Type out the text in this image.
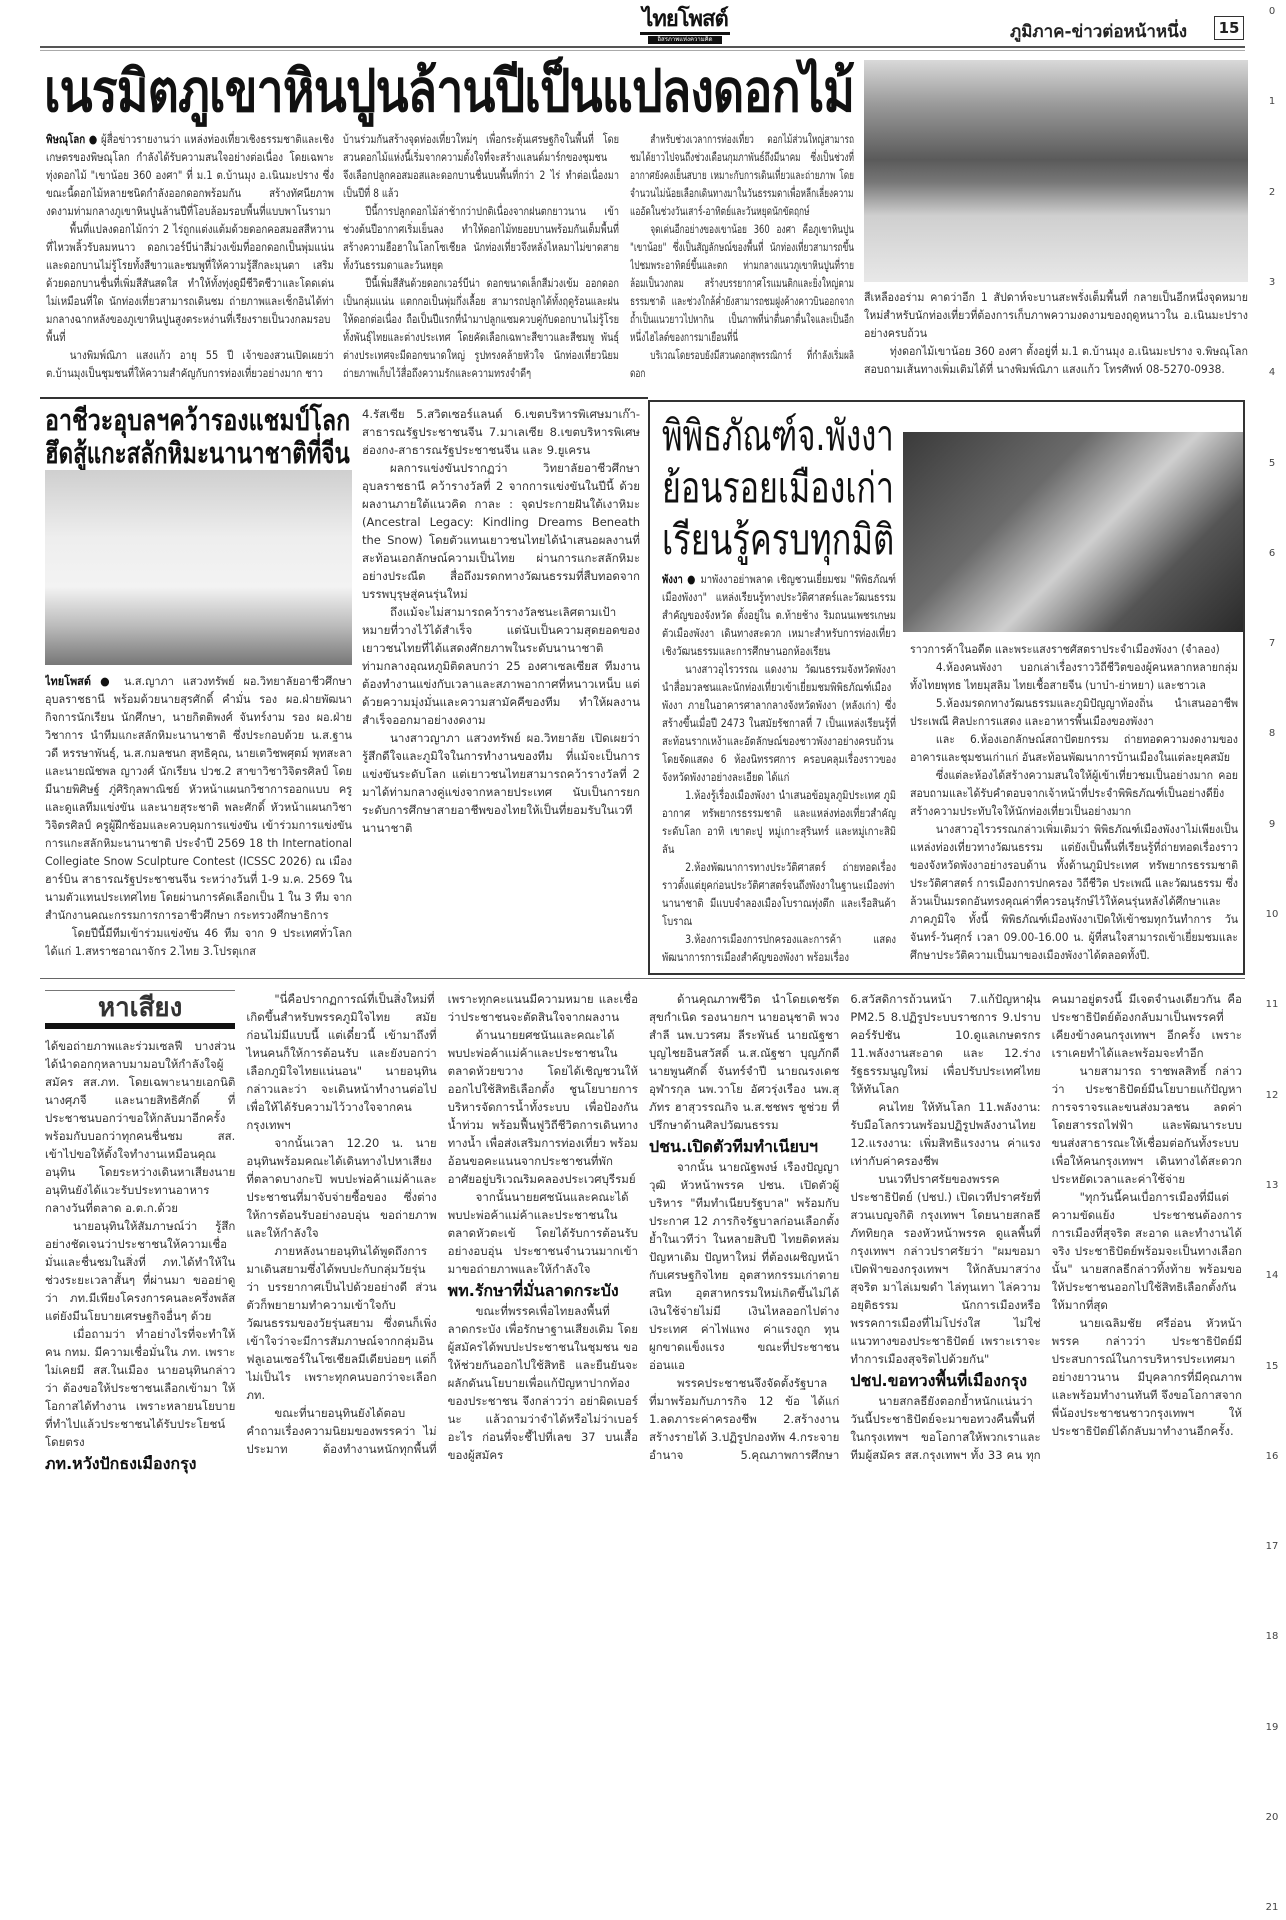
ไทยโพสต์
อิสรภาพแห่งความคิด	ภูมิภาค-ข่าวต่อหน้าหนึ่ง	15
0
1
2
3
4
5
6
7
8
9
10
11
12
13
14
15
16
17
18
19
20
21
เนรมิตภูเขาหินปูนล้านปีเป็นแปลงดอกไม้

พิษณุโลก ● ผู้สื่อข่าวรายงานว่า แหล่งท่องเที่ยวเชิงธรรมชาติและเชิงเกษตรของพิษณุโลก กำลังได้รับความสนใจอย่างต่อเนื่อง โดยเฉพาะทุ่งดอกไม้ "เขาน้อย 360 องศา" ที่ ม.1 ต.บ้านมุง อ.เนินมะปราง ซึ่งขณะนี้ดอกไม้หลายชนิดกำลังออกดอกพร้อมกัน สร้างทัศนียภาพงดงามท่ามกลางภูเขาหินปูนล้านปีที่โอบล้อมรอบพื้นที่แบบพาโนรามา

พื้นที่แปลงดอกไม้กว่า 2 ไร่ถูกแต่งแต้มด้วยดอกคอสมอสสีหวานที่ไหวพลิ้วรับลมหนาว ดอกเวอร์บีน่าสีม่วงเข้มที่ออกดอกเป็นพุ่มแน่น และดอกบานไม่รู้โรยทั้งสีขาวและชมพูที่ให้ความรู้สึกละมุนตา เสริมด้วยดอกบานชื่นที่เพิ่มสีสันสดใส ทำให้ทั้งทุ่งดูมีชีวิตชีวาและโดดเด่นไม่เหมือนที่ใด นักท่องเที่ยวสามารถเดินชม ถ่ายภาพและเช็กอินได้ท่ามกลางฉากหลังของภูเขาหินปูนสูงตระหง่านที่เรียงรายเป็นวงกลมรอบพื้นที่

นางพิมพ์ณิภา แสงแก้ว อายุ 55 ปี เจ้าของสวนเปิดเผยว่า ต.บ้านมุงเป็นชุมชนที่ให้ความสำคัญกับการท่องเที่ยวอย่างมาก ชาว

บ้านร่วมกันสร้างจุดท่องเที่ยวใหม่ๆ เพื่อกระตุ้นเศรษฐกิจในพื้นที่ โดยสวนดอกไม้แห่งนี้เริ่มจากความตั้งใจที่จะสร้างแลนด์มาร์กของชุมชน จึงเลือกปลูกคอสมอสและดอกบานชื่นบนพื้นที่กว่า 2 ไร่ ทำต่อเนื่องมาเป็นปีที่ 8 แล้ว

ปีนี้การปลูกดอกไม้ล่าช้ากว่าปกติเนื่องจากฝนตกยาวนาน เข้าช่วงต้นปีอากาศเริ่มเย็นลง ทำให้ดอกไม้ทยอยบานพร้อมกันเต็มพื้นที่ สร้างความฮือฮาในโลกโซเชียล นักท่องเที่ยวจึงหลั่งไหลมาไม่ขาดสายทั้งวันธรรมดาและวันหยุด

ปีนี้เพิ่มสีสันด้วยดอกเวอร์บีน่า ดอกขนาดเล็กสีม่วงเข้ม ออกดอกเป็นกลุ่มแน่น แตกกอเป็นพุ่มกึ่งเลื้อย สามารถปลูกได้ทั้งฤดูร้อนและฝน ให้ดอกต่อเนื่อง ถือเป็นปีแรกที่นำมาปลูกแซมควบคู่กับดอกบานไม่รู้โรยทั้งพันธุ์ไทยและต่างประเทศ โดยคัดเลือกเฉพาะสีขาวและสีชมพู พันธุ์ต่างประเทศจะมีดอกขนาดใหญ่ รูปทรงคล้ายหัวใจ นักท่องเที่ยวนิยมถ่ายภาพเก็บไว้สื่อถึงความรักและความทรงจำดีๆ

สำหรับช่วงเวลาการท่องเที่ยว ดอกไม้ส่วนใหญ่สามารถชมได้ยาวไปจนถึงช่วงเดือนกุมภาพันธ์ถึงมีนาคม ซึ่งเป็นช่วงที่อากาศยังคงเย็นสบาย เหมาะกับการเดินเที่ยวและถ่ายภาพ โดยจำนวนไม่น้อยเลือกเดินทางมาในวันธรรมดาเพื่อหลีกเลี่ยงความแออัดในช่วงวันเสาร์-อาทิตย์และวันหยุดนักขัตฤกษ์

จุดเด่นอีกอย่างของเขาน้อย 360 องศา คือภูเขาหินปูน "เขาน้อย" ซึ่งเป็นสัญลักษณ์ของพื้นที่ นักท่องเที่ยวสามารถขึ้นไปชมพระอาทิตย์ขึ้นและตก ท่ามกลางแนวภูเขาหินปูนที่รายล้อมเป็นวงกลม สร้างบรรยากาศโรแมนติกและยิ่งใหญ่ตามธรรมชาติ และช่วงใกล้ค่ำยังสามารถชมฝูงค้างคาวบินออกจากถ้ำเป็นแนวยาวไปหากิน เป็นภาพที่น่าตื่นตาตื่นใจและเป็นอีกหนึ่งไฮไลต์ของการมาเยือนที่นี่

บริเวณโดยรอบยังมีสวนดอกสุพรรณิการ์ ที่กำลังเริ่มผลิดอก

สีเหลืองอร่าม คาดว่าอีก 1 สัปดาห์จะบานสะพรั่งเต็มพื้นที่ กลายเป็นอีกหนึ่งจุดหมายใหม่สำหรับนักท่องเที่ยวที่ต้องการเก็บภาพความงดงามของฤดูหนาวใน อ.เนินมะปรางอย่างครบถ้วน

ทุ่งดอกไม้เขาน้อย 360 องศา ตั้งอยู่ที่ ม.1 ต.บ้านมุง อ.เนินมะปราง จ.พิษณุโลก สอบถามเส้นทางเพิ่มเติมได้ที่ นางพิมพ์ณิภา แสงแก้ว โทรศัพท์ 08-5270-0938.

อาชีวะอุบลฯคว้ารองแชมป์โลก
ฮึดสู้แกะสลักหิมะนานาชาติที่จีน

ไทยโพสต์ ● น.ส.ญาภา แสวงทรัพย์ ผอ.วิทยาลัยอาชีวศึกษาอุบลราชธานี พร้อมด้วยนายสุรศักดิ์ คำมั่น รอง ผอ.ฝ่ายพัฒนากิจการนักเรียน นักศึกษา, นายกิตติพงศ์ จันทร์งาม รอง ผอ.ฝ่ายวิชาการ นำทีมแกะสลักหิมะนานาชาติ ซึ่งประกอบด้วย น.ส.ฐานวดี หรรษาพันธุ์, น.ส.กมลชนก สุทธิคุณ, นายเตวิชพศุตม์ พุทสะลา และนายณัชพล ญาวงศ์ นักเรียน ปวช.2 สาขาวิชาวิจิตรศิลป์ โดยมีนายพิศิษฐ์ ภู่ศิริกุลพาณิชย์ หัวหน้าแผนกวิชาการออกแบบ ครูและดูแลทีมแข่งขัน และนายสุระชาติ พละศักดิ์ หัวหน้าแผนกวิชาวิจิตรศิลป์ ครูผู้ฝึกซ้อมและควบคุมการแข่งขัน เข้าร่วมการแข่งขันการแกะสลักหิมะนานาชาติ ประจำปี 2569 18 th International Collegiate Snow Sculpture Contest (ICSSC 2026) ณ เมืองฮาร์บิน สาธารณรัฐประชาชนจีน ระหว่างวันที่ 1-9 ม.ค. 2569 ในนามตัวแทนประเทศไทย โดยผ่านการคัดเลือกเป็น 1 ใน 3 ทีม จากสำนักงานคณะกรรมการการอาชีวศึกษา กระทรวงศึกษาธิการ

โดยปีนี้มีทีมเข้าร่วมแข่งขัน 46 ทีม จาก 9 ประเทศทั่วโลก ได้แก่ 1.สหราชอาณาจักร 2.ไทย 3.โปรตุเกส

4.รัสเซีย 5.สวิตเซอร์แลนด์ 6.เขตบริหารพิเศษมาเก๊า-สาธารณรัฐประชาชนจีน 7.มาเลเซีย 8.เขตบริหารพิเศษฮ่องกง-สาธารณรัฐประชาชนจีน และ 9.ยูเครน

ผลการแข่งขันปรากฏว่า วิทยาลัยอาชีวศึกษาอุบลราชธานี คว้ารางวัลที่ 2 จากการแข่งขันในปีนี้ ด้วยผลงานภายใต้แนวคิด กาละ : จุดประกายฝันใต้เงาหิมะ (Ancestral Legacy: Kindling Dreams Beneath the Snow) โดยตัวแทนเยาวชนไทยได้นำเสนอผลงานที่สะท้อนเอกลักษณ์ความเป็นไทย ผ่านการแกะสลักหิมะอย่างประณีต สื่อถึงมรดกทางวัฒนธรรมที่สืบทอดจากบรรพบุรุษสู่คนรุ่นใหม่

ถึงแม้จะไม่สามารถคว้ารางวัลชนะเลิศตามเป้าหมายที่วางไว้ได้สำเร็จ แต่นับเป็นความสุดยอดของเยาวชนไทยที่ได้แสดงศักยภาพในระดับนานาชาติ ท่ามกลางอุณหภูมิติดลบกว่า 25 องศาเซลเซียส ทีมงานต้องทำงานแข่งกับเวลาและสภาพอากาศที่หนาวเหน็บ แต่ด้วยความมุ่งมั่นและความสามัคคีของทีม ทำให้ผลงานสำเร็จออกมาอย่างงดงาม

นางสาวญาภา แสวงทรัพย์ ผอ.วิทยาลัย เปิดเผยว่า รู้สึกดีใจและภูมิใจในการทำงานของทีม ที่แม้จะเป็นการแข่งขันระดับโลก แต่เยาวชนไทยสามารถคว้ารางวัลที่ 2 มาได้ท่ามกลางคู่แข่งจากหลายประเทศ นับเป็นการยกระดับการศึกษาสายอาชีพของไทยให้เป็นที่ยอมรับในเวทีนานาชาติ

พิพิธภัณฑ์จ.พังงา
ย้อนรอยเมืองเก่า
เรียนรู้ครบทุกมิติ

พังงา ● มาพังงาอย่าพลาด เชิญชวนเยี่ยมชม "พิพิธภัณฑ์เมืองพังงา" แหล่งเรียนรู้ทางประวัติศาสตร์และวัฒนธรรมสำคัญของจังหวัด ตั้งอยู่ใน ต.ท้ายช้าง ริมถนนเพชรเกษม ตัวเมืองพังงา เดินทางสะดวก เหมาะสำหรับการท่องเที่ยวเชิงวัฒนธรรมและการศึกษานอกห้องเรียน

นางสาวอุไรวรรณ แดงงาม วัฒนธรรมจังหวัดพังงา นำสื่อมวลชนและนักท่องเที่ยวเข้าเยี่ยมชมพิพิธภัณฑ์เมืองพังงา ภายในอาคารศาลากลางจังหวัดพังงา (หลังเก่า) ซึ่งสร้างขึ้นเมื่อปี 2473 ในสมัยรัชกาลที่ 7 เป็นแหล่งเรียนรู้ที่สะท้อนรากเหง้าและอัตลักษณ์ของชาวพังงาอย่างครบถ้วน โดยจัดแสดง 6 ห้องนิทรรศการ ครอบคลุมเรื่องราวของจังหวัดพังงาอย่างละเอียด ได้แก่

1.ห้องรู้เรื่องเมืองพังงา นำเสนอข้อมูลภูมิประเทศ ภูมิอากาศ ทรัพยากรธรรมชาติ และแหล่งท่องเที่ยวสำคัญระดับโลก อาทิ เขาตะปู หมู่เกาะสุรินทร์ และหมู่เกาะสิมิลัน

2.ห้องพัฒนาการทางประวัติศาสตร์ ถ่ายทอดเรื่องราวตั้งแต่ยุคก่อนประวัติศาสตร์จนถึงพังงาในฐานะเมืองท่านานาชาติ มีแบบจำลองเมืองโบราณทุ่งตึก และเรือสินค้าโบราณ

3.ห้องการเมืองการปกครองและการค้า แสดงพัฒนาการการเมืองสำคัญของพังงา พร้อมเรื่อง

ราวการค้าในอดีต และพระแสงราชศัสตราประจำเมืองพังงา (จำลอง)

4.ห้องคนพังงา บอกเล่าเรื่องราววิถีชีวิตของผู้คนหลากหลายกลุ่ม ทั้งไทยพุทธ ไทยมุสลิม ไทยเชื้อสายจีน (บาบ๋า-ย่าหยา) และชาวเล

5.ห้องมรดกทางวัฒนธรรมและภูมิปัญญาท้องถิ่น นำเสนออาชีพ ประเพณี ศิลปะการแสดง และอาหารพื้นเมืองของพังงา

และ 6.ห้องเอกลักษณ์สถาปัตยกรรม ถ่ายทอดความงดงามของอาคารและชุมชนเก่าแก่ อันสะท้อนพัฒนาการบ้านเมืองในแต่ละยุคสมัย

ซึ่งแต่ละห้องได้สร้างความสนใจให้ผู้เข้าเที่ยวชมเป็นอย่างมาก คอยสอบถามและได้รับคำตอบจากเจ้าหน้าที่ประจำพิพิธภัณฑ์เป็นอย่างดียิ่ง สร้างความประทับใจให้นักท่องเที่ยวเป็นอย่างมาก

นางสาวอุไรวรรณกล่าวเพิ่มเติมว่า พิพิธภัณฑ์เมืองพังงาไม่เพียงเป็นแหล่งท่องเที่ยวทางวัฒนธรรม แต่ยังเป็นพื้นที่เรียนรู้ที่ถ่ายทอดเรื่องราวของจังหวัดพังงาอย่างรอบด้าน ทั้งด้านภูมิประเทศ ทรัพยากรธรรมชาติ ประวัติศาสตร์ การเมืองการปกครอง วิถีชีวิต ประเพณี และวัฒนธรรม ซึ่งล้วนเป็นมรดกอันทรงคุณค่าที่ควรอนุรักษ์ไว้ให้คนรุ่นหลังได้ศึกษาและภาคภูมิใจ ทั้งนี้ พิพิธภัณฑ์เมืองพังงาเปิดให้เข้าชมทุกวันทำการ วันจันทร์-วันศุกร์ เวลา 09.00-16.00 น. ผู้ที่สนใจสามารถเข้าเยี่ยมชมและศึกษาประวัติความเป็นมาของเมืองพังงาได้ตลอดทั้งปี.

หาเสียง

ได้ขอถ่ายภาพและร่วมเซลฟี บางส่วนได้นำดอกกุหลาบมามอบให้กำลังใจผู้สมัคร สส.ภท. โดยเฉพาะนายเอกนิติ นางศุภจี และนายสิทธิศักดิ์ ที่ประชาชนบอกว่าขอให้กลับมาอีกครั้ง พร้อมกับบอกว่าทุกคนชื่นชม สส. เข้าไปขอให้ตั้งใจทำงานเหมือนคุณอนุทิน โดยระหว่างเดินหาเสียงนายอนุทินยังได้แวะรับประทานอาหารกลางวันที่ตลาด อ.ต.ก.ด้วย

นายอนุทินให้สัมภาษณ์ว่า รู้สึกอย่างชัดเจนว่าประชาชนให้ความเชื่อมั่นและชื่นชมในสิ่งที่ ภท.ได้ทำให้ในช่วงระยะเวลาสั้นๆ ที่ผ่านมา ขออย่าดูว่า ภท.มีเพียงโครงการคนละครึ่งพลัส แต่ยังมีนโยบายเศรษฐกิจอื่นๆ ด้วย

เมื่อถามว่า ทำอย่างไรที่จะทำให้คน กทม. มีความเชื่อมั่นใน ภท. เพราะไม่เคยมี สส.ในเมือง นายอนุทินกล่าวว่า ต้องขอให้ประชาชนเลือกเข้ามา ให้โอกาสได้ทำงาน เพราะหลายนโยบายที่ทำไปแล้วประชาชนได้รับประโยชน์โดยตรง

ภท.หวังปักธงเมืองกรุง

"นี่คือปรากฏการณ์ที่เป็นสิ่งใหม่ที่เกิดขึ้นสำหรับพรรคภูมิใจไทย สมัยก่อนไม่มีแบบนี้ แต่เดี๋ยวนี้ เข้ามาถึงที่ไหนคนก็ให้การต้อนรับ และยังบอกว่าเลือกภูมิใจไทยแน่นอน" นายอนุทินกล่าวและว่า จะเดินหน้าทำงานต่อไปเพื่อให้ได้รับความไว้วางใจจากคนกรุงเทพฯ

จากนั้นเวลา 12.20 น. นายอนุทินพร้อมคณะได้เดินทางไปหาเสียงที่ตลาดบางกะปิ พบปะพ่อค้าแม่ค้าและประชาชนที่มาจับจ่ายซื้อของ ซึ่งต่างให้การต้อนรับอย่างอบอุ่น ขอถ่ายภาพและให้กำลังใจ

ภายหลังนายอนุทินได้พูดถึงการมาเดินสยามซึ่งได้พบปะกับกลุ่มวัยรุ่นว่า บรรยากาศเป็นไปด้วยอย่างดี ส่วนตัวก็พยายามทำความเข้าใจกับวัฒนธรรมของวัยรุ่นสยาม ซึ่งตนก็เพิ่งเข้าใจว่าจะมีการสัมภาษณ์จากกลุ่มอินฟลูเอนเซอร์ในโซเชียลมีเดียบ่อยๆ แต่ก็ไม่เป็นไร เพราะทุกคนบอกว่าจะเลือก ภท.

ขณะที่นายอนุทินยังได้ตอบคำถามเรื่องความนิยมของพรรคว่า ไม่ประมาท ต้องทำงานหนักทุกพื้นที่ เพราะทุกคะแนนมีความหมาย และเชื่อว่าประชาชนจะตัดสินใจจากผลงาน

ด้านนายยศชนันและคณะได้พบปะพ่อค้าแม่ค้าและประชาชนในตลาดห้วยขวาง โดยได้เชิญชวนให้ออกไปใช้สิทธิเลือกตั้ง ชูนโยบายการบริหารจัดการน้ำทั้งระบบ เพื่อป้องกันน้ำท่วม พร้อมฟื้นฟูวิถีชีวิตการเดินทางทางน้ำ เพื่อส่งเสริมการท่องเที่ยว พร้อมอ้อนขอคะแนนจากประชาชนที่พักอาศัยอยู่บริเวณริมคลองประเวศบุรีรมย์

จากนั้นนายยศชนันและคณะได้พบปะพ่อค้าแม่ค้าและประชาชนในตลาดหัวตะเข้ โดยได้รับการต้อนรับอย่างอบอุ่น ประชาชนจำนวนมากเข้ามาขอถ่ายภาพและให้กำลังใจ

พท.รักษาที่มั่นลาดกระบัง

ขณะที่พรรคเพื่อไทยลงพื้นที่ลาดกระบัง เพื่อรักษาฐานเสียงเดิม โดยผู้สมัครได้พบปะประชาชนในชุมชน ขอให้ช่วยกันออกไปใช้สิทธิ และยืนยันจะผลักดันนโยบายเพื่อแก้ปัญหาปากท้องของประชาชน จึงกล่าวว่า อย่าผิดเบอร์นะ แล้วถามว่าจำได้หรือไม่ว่าเบอร์อะไร ก่อนที่จะชี้ไปที่เลข 37 บนเสื้อของผู้สมัคร

ด้านคุณภาพชีวิต นำโดยเดชรัต สุขกำเนิด รองนายกฯ นายอนุชาติ พวงสำลี นพ.บวรศม ลีระพันธ์ นายณัฐชา บุญไชยอินสวัสดิ์ น.ส.ณัฐชา บุญภักดี นายพูนศักดิ์ จันทร์จำปี นายณรงเดช อุฬารกุล นพ.วาโย อัศวรุ่งเรือง นพ.สุภัทร ฮาสุวรรณกิจ น.ส.ชชพร ชูช่วย ที่ปรึกษาด้านศิลปวัฒนธรรม

ปชน.เปิดตัวทีมทำเนียบฯ

จากนั้น นายณัฐพงษ์ เรืองปัญญาวุฒิ หัวหน้าพรรค ปชน. เปิดตัวผู้บริหาร "ทีมทำเนียบรัฐบาล" พร้อมกับประกาศ 12 ภารกิจรัฐบาลก่อนเลือกตั้ง ย้ำในเวทีว่า ในหลายสิบปี ไทยติดหล่มปัญหาเดิม ปัญหาใหม่ ที่ต้องเผชิญหน้ากับเศรษฐกิจไทย อุตสาหกรรมเก่าตายสนิท อุตสาหกรรมใหม่เกิดขึ้นไม่ได้ เงินใช้จ่ายไม่มี เงินไหลออกไปต่างประเทศ ค่าไฟแพง ค่าแรงถูก ทุนผูกขาดแข็งแรง ขณะที่ประชาชนอ่อนแอ

พรรคประชาชนจึงจัดตั้งรัฐบาลที่มาพร้อมกับภารกิจ 12 ข้อ ได้แก่ 1.ลดภาระค่าครองชีพ 2.สร้างงานสร้างรายได้ 3.ปฏิรูปกองทัพ 4.กระจายอำนาจ 5.คุณภาพการศึกษา 6.สวัสดิการถ้วนหน้า 7.แก้ปัญหาฝุ่น PM2.5 8.ปฏิรูประบบราชการ 9.ปราบคอร์รัปชัน 10.ดูแลเกษตรกร 11.พลังงานสะอาด และ 12.ร่างรัฐธรรมนูญใหม่ เพื่อปรับประเทศไทยให้ทันโลก

คนไทย ให้ทันโลก 11.พลังงาน: รับมือโลกรวนพร้อมปฏิรูปพลังงานไทย 12.แรงงาน: เพิ่มสิทธิแรงงาน ค่าแรงเท่ากับค่าครองชีพ

บนเวทีปราศรัยของพรรคประชาธิปัตย์ (ปชป.) เปิดเวทีปราศรัยที่สวนเบญจกิติ กรุงเทพฯ โดยนายสกลธี ภัททิยกุล รองหัวหน้าพรรค ดูแลพื้นที่กรุงเทพฯ กล่าวปราศรัยว่า "ผมขอมาเปิดฟ้าของกรุงเทพฯ ให้กลับมาสว่าง สุจริต มาไล่เมฆดำ ไล่ทุนเทา ไล่ความอยุติธรรม นักการเมืองหรือพรรคการเมืองที่ไม่โปร่งใส ไม่ใช่แนวทางของประชาธิปัตย์ เพราะเราจะทำการเมืองสุจริตไปด้วยกัน"

ปชป.ขอทวงพื้นที่เมืองกรุง

นายสกลธียังตอกย้ำหนักแน่นว่า วันนี้ประชาธิปัตย์จะมาขอทวงคืนพื้นที่ในกรุงเทพฯ ขอโอกาสให้พวกเราและทีมผู้สมัคร สส.กรุงเทพฯ ทั้ง 33 คน ทุกคนมาอยู่ตรงนี้ มีเจตจำนงเดียวกัน คือ ประชาธิปัตย์ต้องกลับมาเป็นพรรคที่เคียงข้างคนกรุงเทพฯ อีกครั้ง เพราะเราเคยทำได้และพร้อมจะทำอีก

นายสามารถ ราชพลสิทธิ์ กล่าวว่า ประชาธิปัตย์มีนโยบายแก้ปัญหาการจราจรและขนส่งมวลชน ลดค่าโดยสารรถไฟฟ้า และพัฒนาระบบขนส่งสาธารณะให้เชื่อมต่อกันทั้งระบบ เพื่อให้คนกรุงเทพฯ เดินทางได้สะดวก ประหยัดเวลาและค่าใช้จ่าย

"ทุกวันนี้คนเบื่อการเมืองที่มีแต่ความขัดแย้ง ประชาชนต้องการการเมืองที่สุจริต สะอาด และทำงานได้จริง ประชาธิปัตย์พร้อมจะเป็นทางเลือกนั้น" นายสกลธีกล่าวทิ้งท้าย พร้อมขอให้ประชาชนออกไปใช้สิทธิเลือกตั้งกันให้มากที่สุด

นายเฉลิมชัย ศรีอ่อน หัวหน้าพรรค กล่าวว่า ประชาธิปัตย์มีประสบการณ์ในการบริหารประเทศมาอย่างยาวนาน มีบุคลากรที่มีคุณภาพและพร้อมทำงานทันที จึงขอโอกาสจากพี่น้องประชาชนชาวกรุงเทพฯ ให้ประชาธิปัตย์ได้กลับมาทำงานอีกครั้ง.
